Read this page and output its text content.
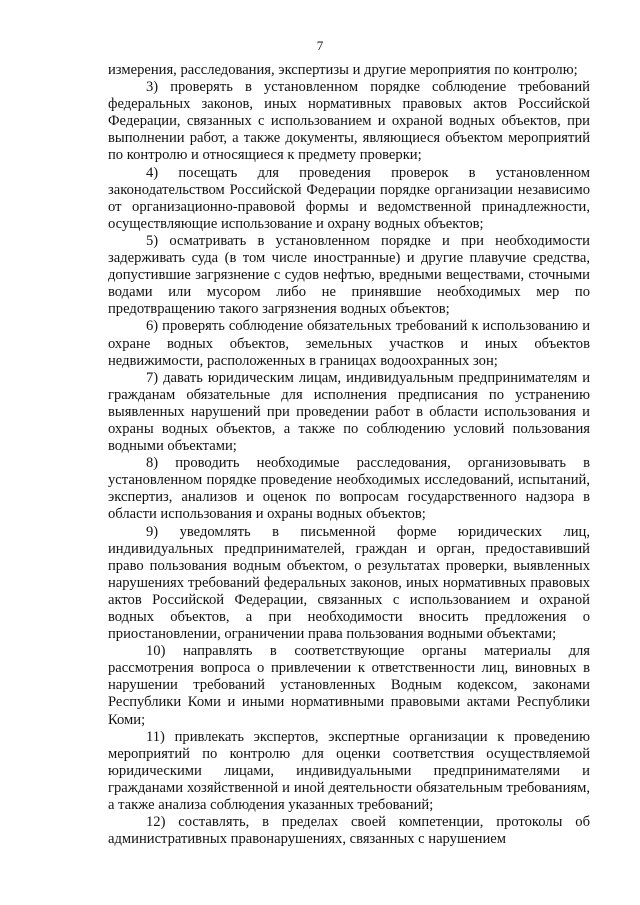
7

измерения, расследования, экспертизы и другие мероприятия по контролю;

3) проверять в установленном порядке соблюдение требований федеральных законов, иных нормативных правовых актов Российской Федерации, связанных с использованием и охраной водных объектов, при выполнении работ, а также документы, являющиеся объектом мероприятий по контролю и относящиеся к предмету проверки;

4) посещать для проведения проверок в установленном законодательством Российской Федерации порядке организации независимо от организационно-правовой формы и ведомственной принадлежности, осуществляющие использование и охрану водных объектов;

5) осматривать в установленном порядке и при необходимости задерживать суда (в том числе иностранные) и другие плавучие средства, допустившие загрязнение с судов нефтью, вредными веществами, сточными водами или мусором либо не принявшие необходимых мер по предотвращению такого загрязнения водных объектов;

6) проверять соблюдение обязательных требований к использованию и охране водных объектов, земельных участков и иных объектов недвижимости, расположенных в границах водоохранных зон;

7) давать юридическим лицам, индивидуальным предпринимателям и гражданам обязательные для исполнения предписания по устранению выявленных нарушений при проведении работ в области использования и охраны водных объектов, а также по соблюдению условий пользования водными объектами;

8) проводить необходимые расследования, организовывать в установленном порядке проведение необходимых исследований, испытаний, экспертиз, анализов и оценок по вопросам государственного надзора в области использования и охраны водных объектов;

9) уведомлять в письменной форме юридических лиц, индивидуальных предпринимателей, граждан и орган, предоставивший право пользования водным объектом, о результатах проверки, выявленных нарушениях требований федеральных законов, иных нормативных правовых актов Российской Федерации, связанных с использованием и охраной водных объектов, а при необходимости вносить предложения о приостановлении, ограничении права пользования водными объектами;

10) направлять в соответствующие органы материалы для рассмотрения вопроса о привлечении к ответственности лиц, виновных в нарушении требований установленных Водным кодексом, законами Республики Коми и иными нормативными правовыми актами Республики Коми;

11) привлекать экспертов, экспертные организации к проведению мероприятий по контролю для оценки соответствия осуществляемой юридическими лицами, индивидуальными предпринимателями и гражданами хозяйственной и иной деятельности обязательным требованиям, а также анализа соблюдения указанных требований;

12) составлять, в пределах своей компетенции, протоколы об административных правонарушениях, связанных с нарушением
